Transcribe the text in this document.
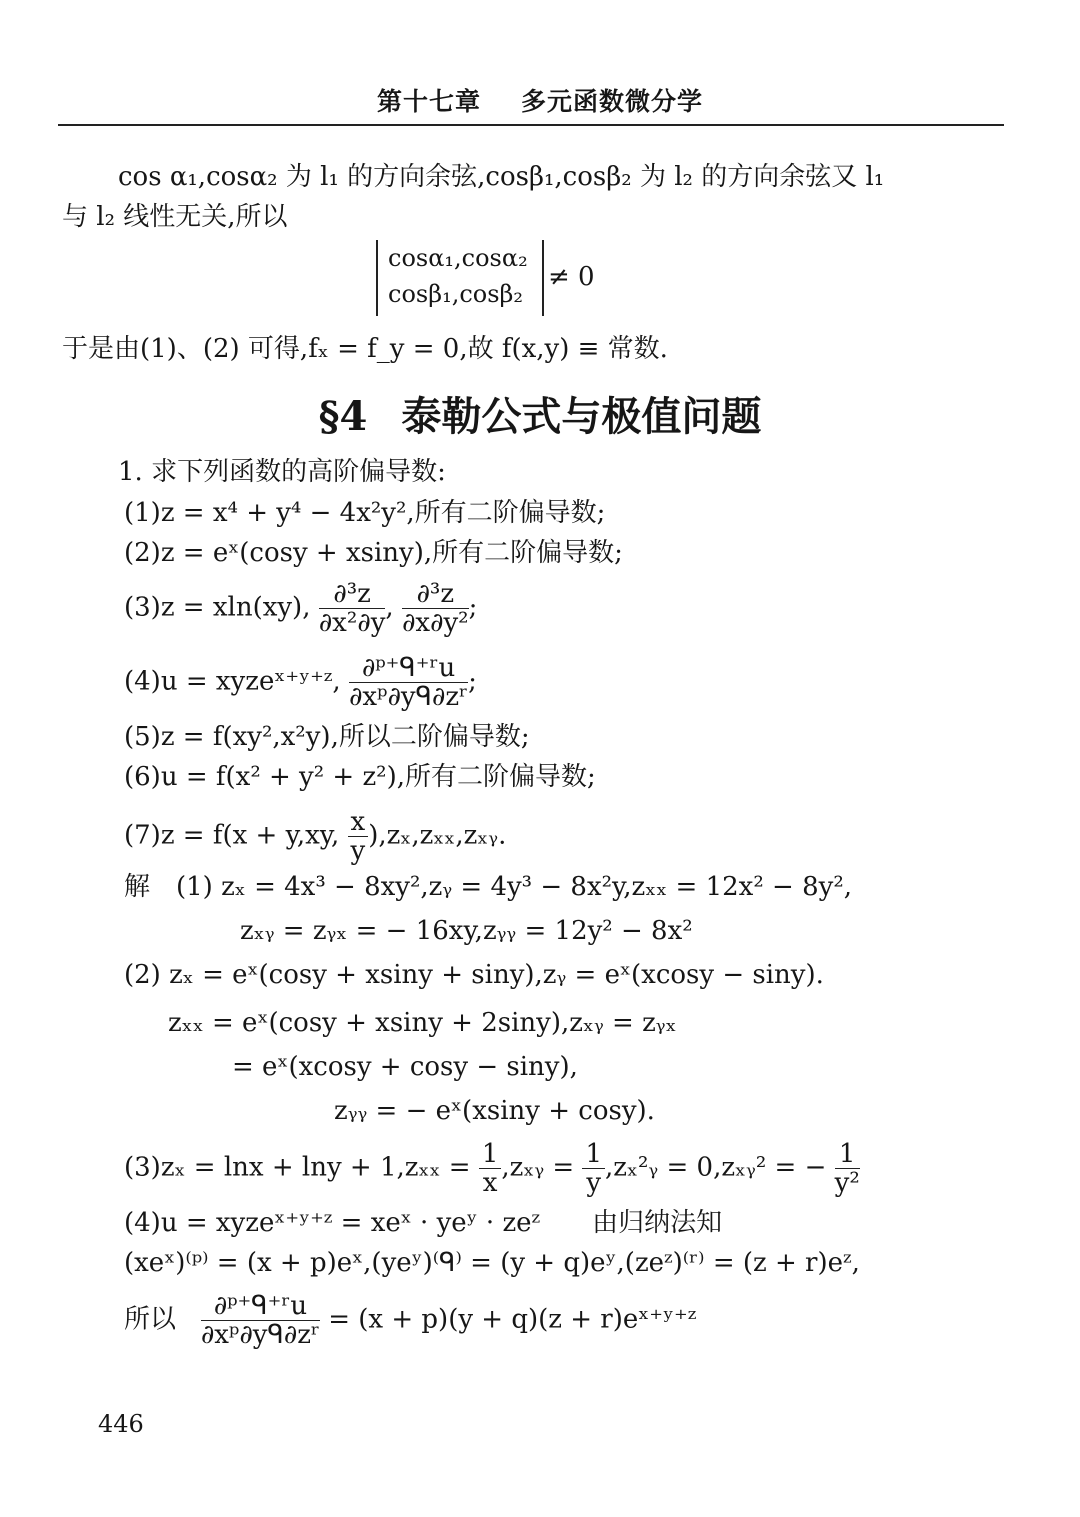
第十七章 多元函数微分学
cos α₁,cosα₂ 为 l₁ 的方向余弦,cosβ₁,cosβ₂ 为 l₂ 的方向余弦又 l₁
与 l₂ 线性无关,所以
cosα₁,cosα₂
cosβ₁,cosβ₂
≠ 0
于是由(1)、(2) 可得,fₓ = f_y = 0,故 f(x,y) ≡ 常数.
§4 泰勒公式与极值问题
1. 求下列函数的高阶偏导数:
(1)z = x⁴ + y⁴ − 4x²y²,所有二阶偏导数;
(2)z = eˣ(cosy + xsiny),所有二阶偏导数;
(3)z = xln(xy), $\frac{\text{∂³z}}{\text{∂x²∂y}}$ , $\frac{\text{∂³z}}{\text{∂x∂y²}}$ ;
(4)u = xyzeˣ⁺ʸ⁺ᶻ, $\frac{\text{∂ᵖ⁺ᑫ⁺ʳu}}{\text{∂xᵖ∂yᑫ∂zʳ}}$ ;
(5)z = f(xy²,x²y),所以二阶偏导数;
(6)u = f(x² + y² + z²),所有二阶偏导数;
(7)z = f(x + y,xy, $\frac{x}{y}$ ),zₓ,zₓₓ,zₓᵧ.
解　(1) zₓ = 4x³ − 8xy²,zᵧ = 4y³ − 8x²y,zₓₓ = 12x² − 8y²,
zₓᵧ = zᵧₓ = − 16xy,zᵧᵧ = 12y² − 8x²
(2) zₓ = eˣ(cosy + xsiny + siny),zᵧ = eˣ(xcosy − siny).
zₓₓ = eˣ(cosy + xsiny + 2siny),zₓᵧ = zᵧₓ
= eˣ(xcosy + cosy − siny),
zᵧᵧ = − eˣ(xsiny + cosy).
$(3)z_x = \ln x + \ln y + 1,z_{xx} = \frac{1}{x}$ ,zₓᵧ = $\frac{1}{y}$ ,zₓ²ᵧ = 0,zₓᵧ² = − $\frac{1}{\text{y²}}$
(4)u = xyzeˣ⁺ʸ⁺ᶻ = xeˣ · yeʸ · zeᶻ　　由归纳法知
(xeˣ)⁽ᵖ⁾ = (x + p)eˣ,(yeʸ)⁽ᑫ⁾ = (y + q)eʸ,(zeᶻ)⁽ʳ⁾ = (z + r)eᶻ,
所以 $\frac{\text{∂ᵖ⁺ᑫ⁺ʳu}}{\text{∂xᵖ∂yᑫ∂zʳ}} = (x + p)(y + q)(z$ + r)eˣ⁺ʸ⁺ᶻ
446
